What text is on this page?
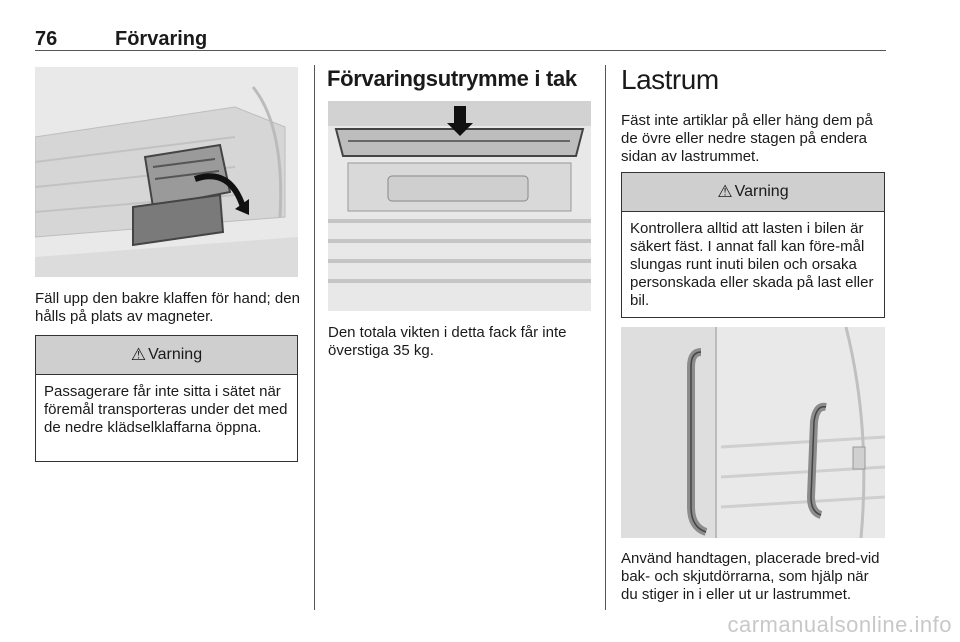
76	Förvaring
Fäll upp den bakre klaffen för hand; den hålls på plats av magneter.
⚠ Varning
Passagerare får inte sitta i sätet när föremål transporteras under det med de nedre klädselklaffarna öppna.
Förvaringsutrymme i tak
Den totala vikten i detta fack får inte överstiga 35 kg.
Lastrum
Fäst inte artiklar på eller häng dem på de övre eller nedre stagen på endera sidan av lastrummet.
⚠ Varning
Kontrollera alltid att lasten i bilen är säkert fäst. I annat fall kan före-mål slungas runt inuti bilen och orsaka personskada eller skada på last eller bil.
Använd handtagen, placerade bred-vid bak- och skjutdörrarna, som hjälp när du stiger in i eller ut ur lastrummet.
carmanualsonline.info
